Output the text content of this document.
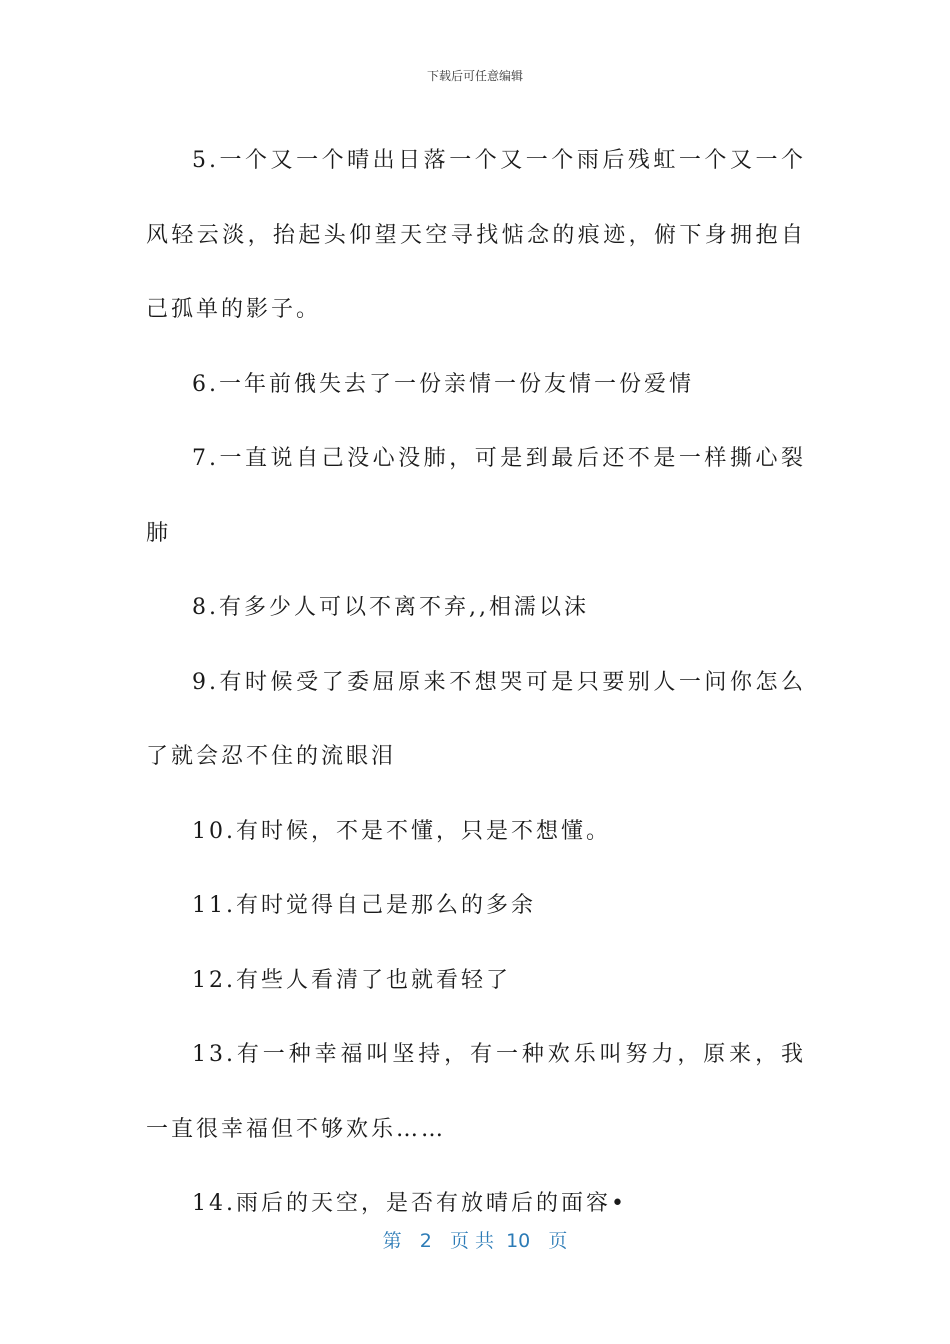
下载后可任意编辑

5.一个又一个晴出日落一个又一个雨后残虹一个又一个风轻云淡，抬起头仰望天空寻找惦念的痕迹，俯下身拥抱自己孤单的影子。

6.一年前俄失去了一份亲情一份友情一份爱情

7.一直说自己没心没肺，可是到最后还不是一样撕心裂肺

8.有多少人可以不离不弃,,相濡以沫

9.有时候受了委屈原来不想哭可是只要别人一问你怎么了就会忍不住的流眼泪

10.有时候，不是不懂，只是不想懂。

11.有时觉得自己是那么的多余

12.有些人看清了也就看轻了

13.有一种幸福叫坚持，有一种欢乐叫努力，原来，我一直很幸福但不够欢乐……

14.雨后的天空，是否有放晴后的面容•

第 2 页 共 10 页
